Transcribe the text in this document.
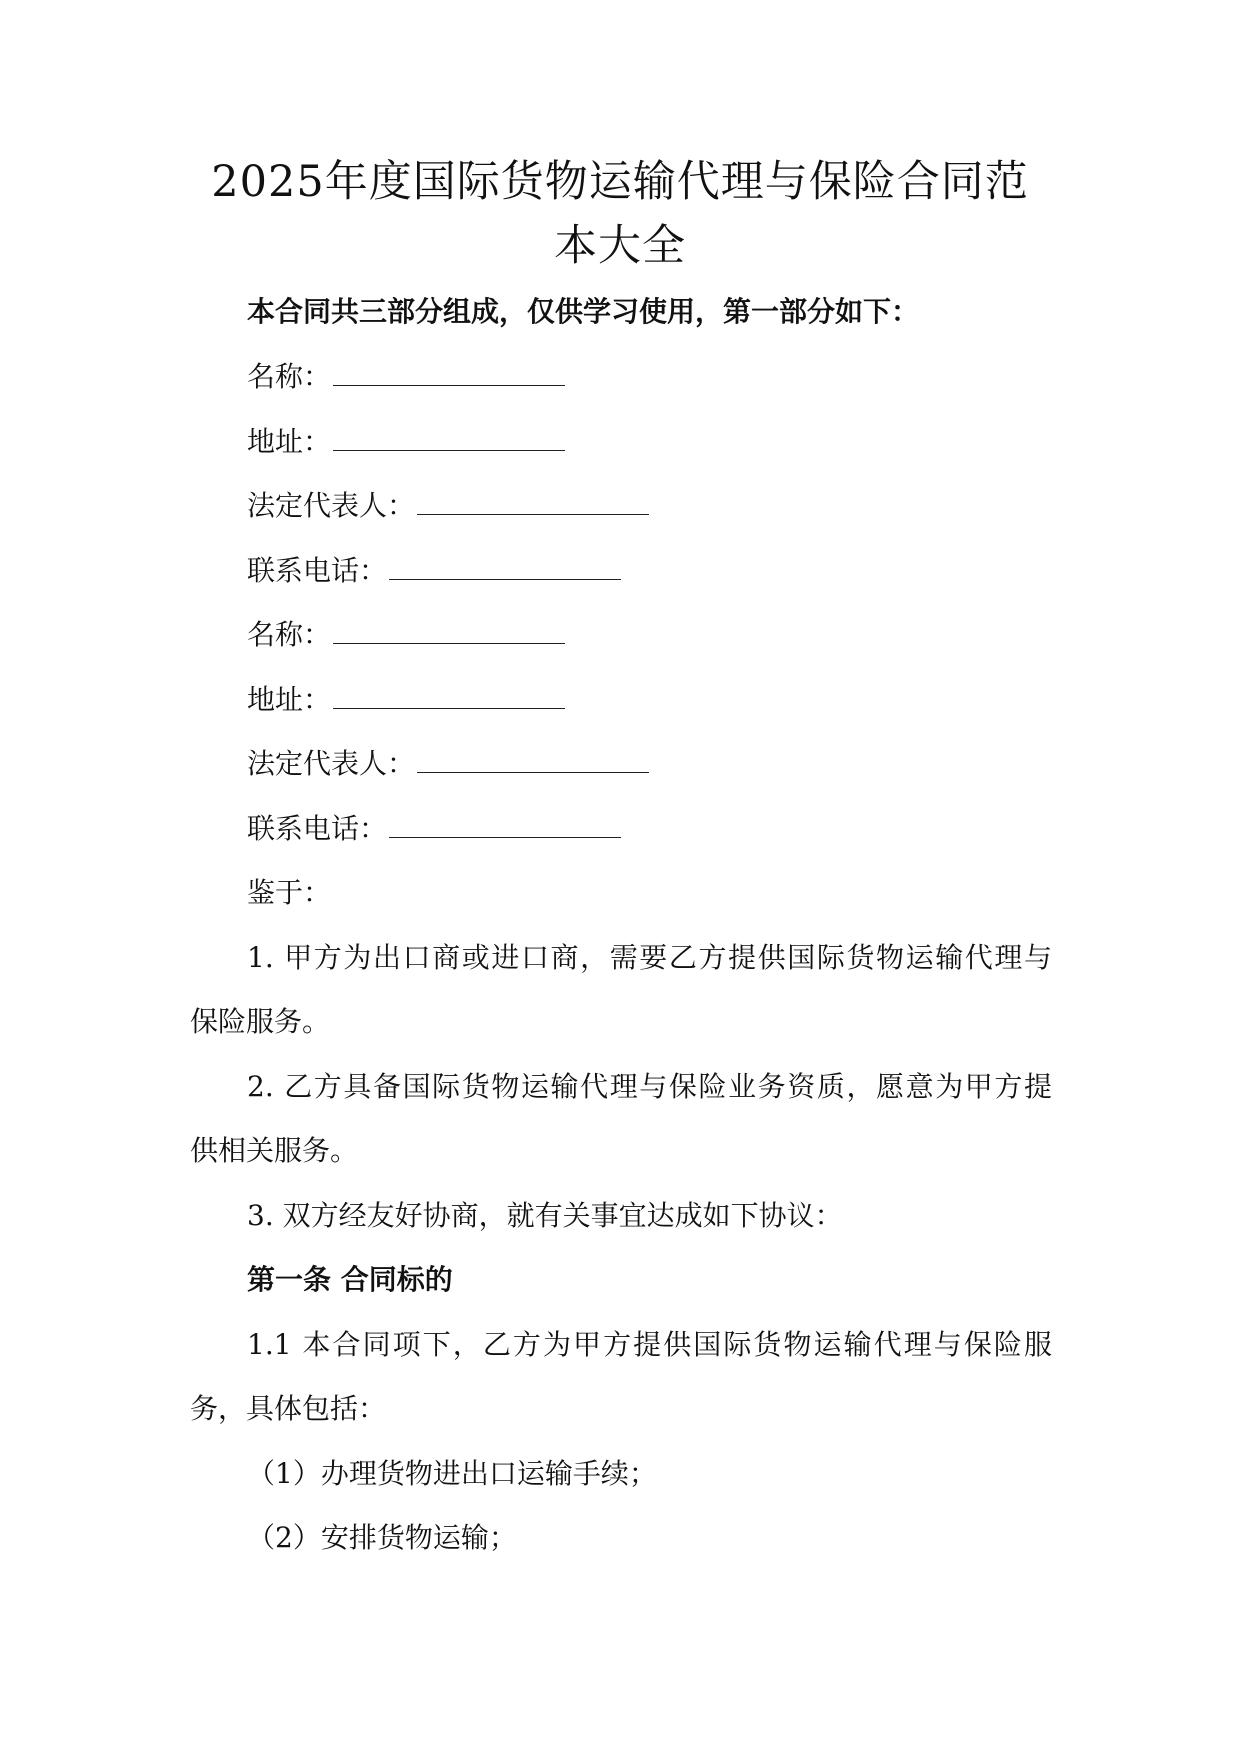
2025年度国际货物运输代理与保险合同范
本大全

本合同共三部分组成，仅供学习使用，第一部分如下：

名称：

地址：

法定代表人：

联系电话：

名称：

地址：

法定代表人：

联系电话：

鉴于：

1. 甲方为出口商或进口商，需要乙方提供国际货物运输代理与

保险服务。

2. 乙方具备国际货物运输代理与保险业务资质，愿意为甲方提

供相关服务。

3. 双方经友好协商，就有关事宜达成如下协议：

第一条 合同标的

1.1 本合同项下，乙方为甲方提供国际货物运输代理与保险服

务，具体包括：

（1）办理货物进出口运输手续；

（2）安排货物运输；
